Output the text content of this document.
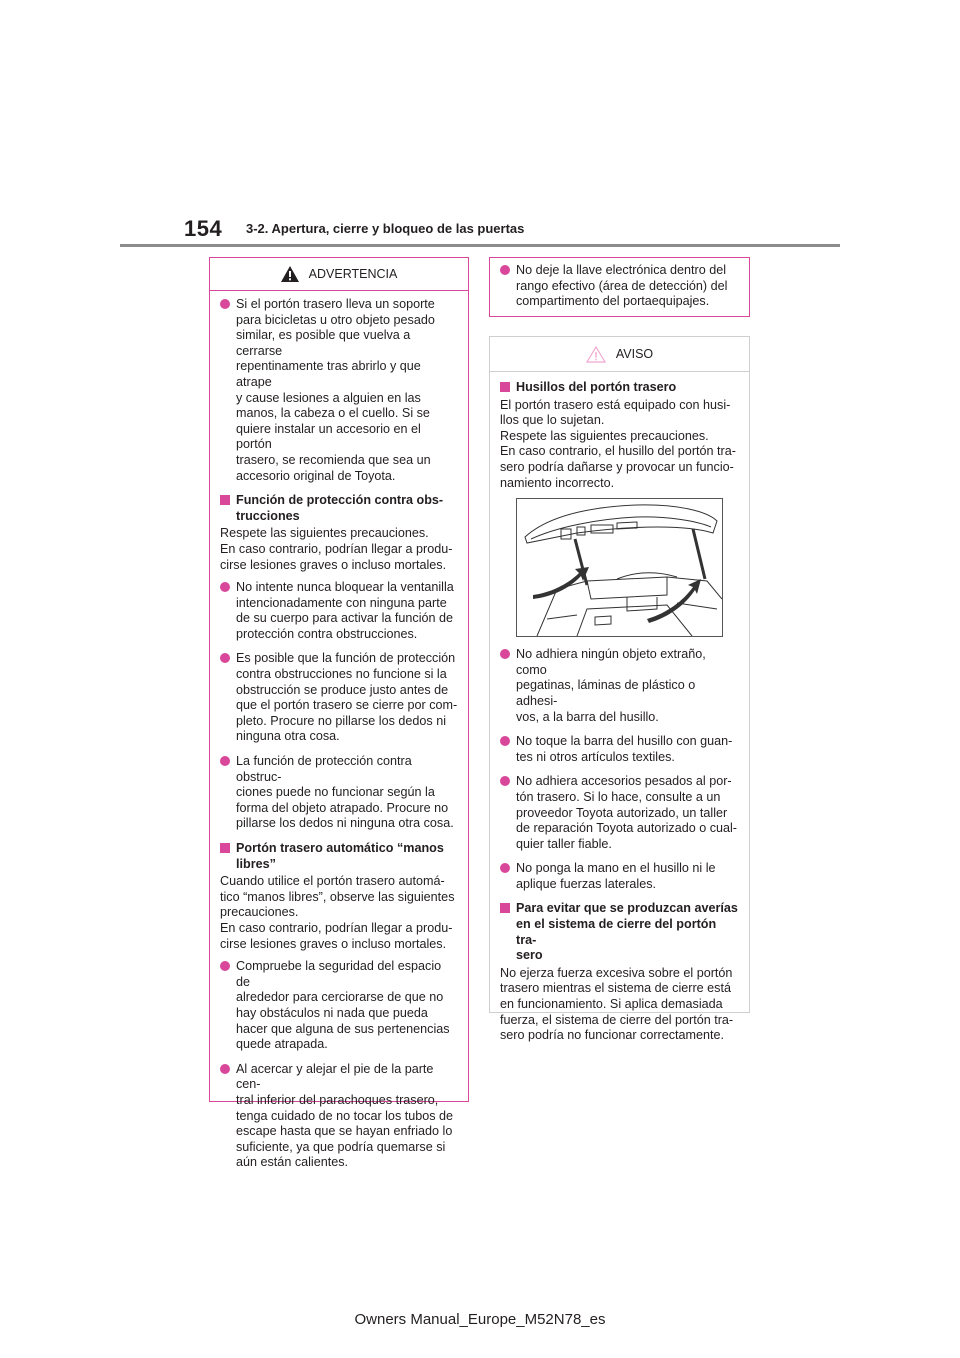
154 3-2. Apertura, cierre y bloqueo de las puertas
ADVERTENCIA
Si el portón trasero lleva un soporte
para bicicletas u otro objeto pesado
similar, es posible que vuelva a cerrarse
repentinamente tras abrirlo y que atrape
y cause lesiones a alguien en las
manos, la cabeza o el cuello. Si se
quiere instalar un accesorio en el portón
trasero, se recomienda que sea un
accesorio original de Toyota.
Función de protección contra obs-
trucciones
Respete las siguientes precauciones.
En caso contrario, podrían llegar a produ-
cirse lesiones graves o incluso mortales.
No intente nunca bloquear la ventanilla
intencionadamente con ninguna parte
de su cuerpo para activar la función de
protección contra obstrucciones.
Es posible que la función de protección
contra obstrucciones no funcione si la
obstrucción se produce justo antes de
que el portón trasero se cierre por com-
pleto. Procure no pillarse los dedos ni
ninguna otra cosa.
La función de protección contra obstruc-
ciones puede no funcionar según la
forma del objeto atrapado. Procure no
pillarse los dedos ni ninguna otra cosa.
Portón trasero automático “manos
libres”
Cuando utilice el portón trasero automá-
tico “manos libres”, observe las siguientes
precauciones.
En caso contrario, podrían llegar a produ-
cirse lesiones graves o incluso mortales.
Compruebe la seguridad del espacio de
alrededor para cerciorarse de que no
hay obstáculos ni nada que pueda
hacer que alguna de sus pertenencias
quede atrapada.
Al acercar y alejar el pie de la parte cen-
tral inferior del parachoques trasero,
tenga cuidado de no tocar los tubos de
escape hasta que se hayan enfriado lo
suficiente, ya que podría quemarse si
aún están calientes.
No deje la llave electrónica dentro del
rango efectivo (área de detección) del
compartimento del portaequipajes.
AVISO
Husillos del portón trasero
El portón trasero está equipado con husi-
llos que lo sujetan.
Respete las siguientes precauciones.
En caso contrario, el husillo del portón tra-
sero podría dañarse y provocar un funcio-
namiento incorrecto.
No adhiera ningún objeto extraño, como
pegatinas, láminas de plástico o adhesi-
vos, a la barra del husillo.
No toque la barra del husillo con guan-
tes ni otros artículos textiles.
No adhiera accesorios pesados al por-
tón trasero. Si lo hace, consulte a un
proveedor Toyota autorizado, un taller
de reparación Toyota autorizado o cual-
quier taller fiable.
No ponga la mano en el husillo ni le
aplique fuerzas laterales.
Para evitar que se produzcan averías
en el sistema de cierre del portón tra-
sero
No ejerza fuerza excesiva sobre el portón
trasero mientras el sistema de cierre está
en funcionamiento. Si aplica demasiada
fuerza, el sistema de cierre del portón tra-
sero podría no funcionar correctamente.
Owners Manual_Europe_M52N78_es
